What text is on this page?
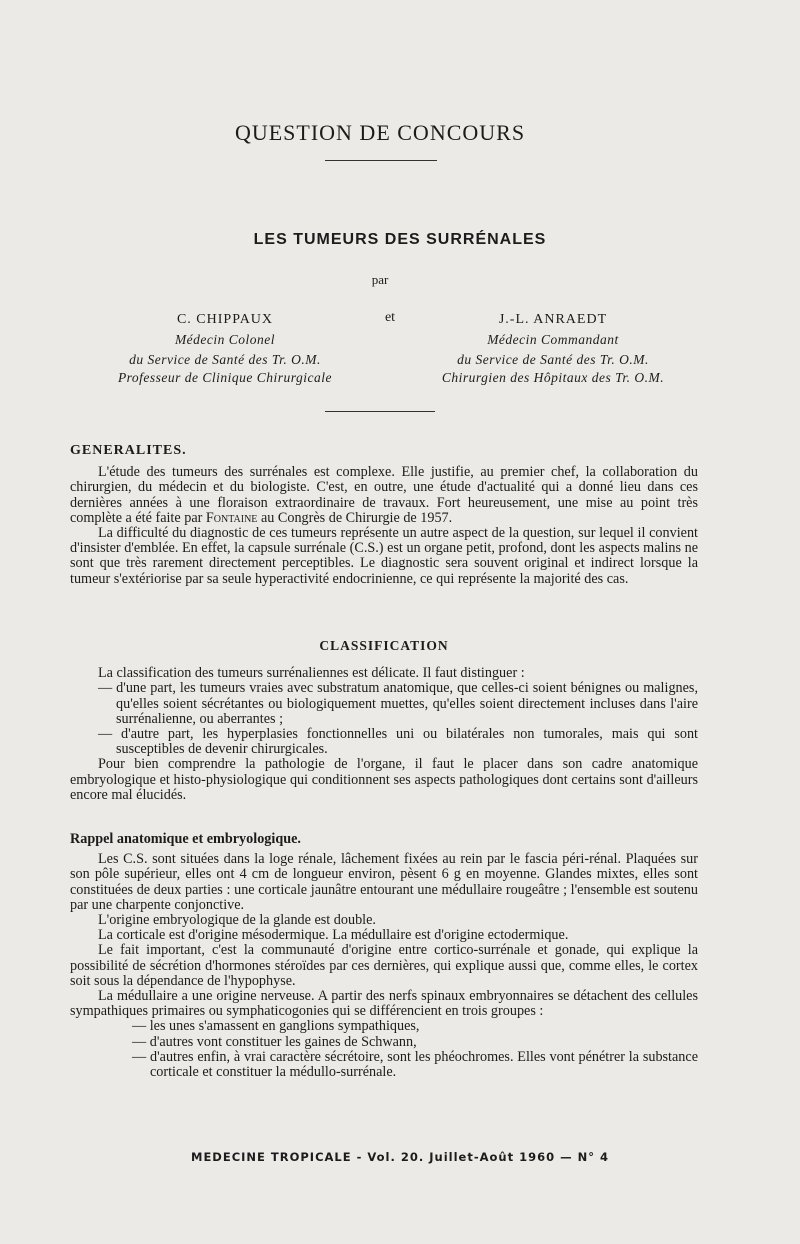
QUESTION DE CONCOURS
LES TUMEURS DES SURRÉNALES
par
C. CHIPPAUX
Médecin Colonel
du Service de Santé des Tr. O.M.
et	J.-L. ANRAEDT
Médecin Commandant
du Service de Santé des Tr. O.M.
Professeur de Clinique Chirurgicale	Chirurgien des Hôpitaux des Tr. O.M.

GENERALITES.

L'étude des tumeurs des surrénales est complexe. Elle justifie, au premier chef, la collaboration du chirurgien, du médecin et du biologiste. C'est, en outre, une étude d'actualité qui a donné lieu dans ces dernières années à une floraison extraordinaire de travaux. Fort heureusement, une mise au point très complète a été faite par Fontaine au Congrès de Chirurgie de 1957.

La difficulté du diagnostic de ces tumeurs représente un autre aspect de la question, sur lequel il convient d'insister d'emblée. En effet, la capsule surrénale (C.S.) est un organe petit, profond, dont les aspects malins ne sont que très rarement directement perceptibles. Le diagnostic sera souvent original et indirect lorsque la tumeur s'extériorise par sa seule hyperactivité endocrinienne, ce qui représente la majorité des cas.

CLASSIFICATION

La classification des tumeurs surrénaliennes est délicate. Il faut distinguer :

— d'une part, les tumeurs vraies avec substratum anatomique, que celles-ci soient bénignes ou malignes, qu'elles soient sécrétantes ou biologiquement muettes, qu'elles soient directement incluses dans l'aire surrénalienne, ou aberrantes ;

— d'autre part, les hyperplasies fonctionnelles uni ou bilatérales non tumorales, mais qui sont susceptibles de devenir chirurgicales.

Pour bien comprendre la pathologie de l'organe, il faut le placer dans son cadre anatomique embryologique et histo-physiologique qui conditionnent ses aspects pathologiques dont certains sont d'ailleurs encore mal élucidés.

Rappel anatomique et embryologique.

Les C.S. sont situées dans la loge rénale, lâchement fixées au rein par le fascia péri-rénal. Plaquées sur son pôle supérieur, elles ont 4 cm de longueur environ, pèsent 6 g en moyenne. Glandes mixtes, elles sont constituées de deux parties : une corticale jaunâtre entourant une médullaire rougeâtre ; l'ensemble est soutenu par une charpente conjonctive.

L'origine embryologique de la glande est double.

La corticale est d'origine mésodermique. La médullaire est d'origine ectodermique.

Le fait important, c'est la communauté d'origine entre cortico-surrénale et gonade, qui explique la possibilité de sécrétion d'hormones stéroïdes par ces dernières, qui explique aussi que, comme elles, le cortex soit sous la dépendance de l'hypophyse.

La médullaire a une origine nerveuse. A partir des nerfs spinaux embryonnaires se détachent des cellules sympathiques primaires ou symphaticogonies qui se différencient en trois groupes :

— les unes s'amassent en ganglions sympathiques,

— d'autres vont constituer les gaines de Schwann,

— d'autres enfin, à vrai caractère sécrétoire, sont les phéochromes. Elles vont pénétrer la substance corticale et constituer la médullo-surrénale.

MEDECINE TROPICALE - Vol. 20. Juillet-Août 1960 — N° 4
